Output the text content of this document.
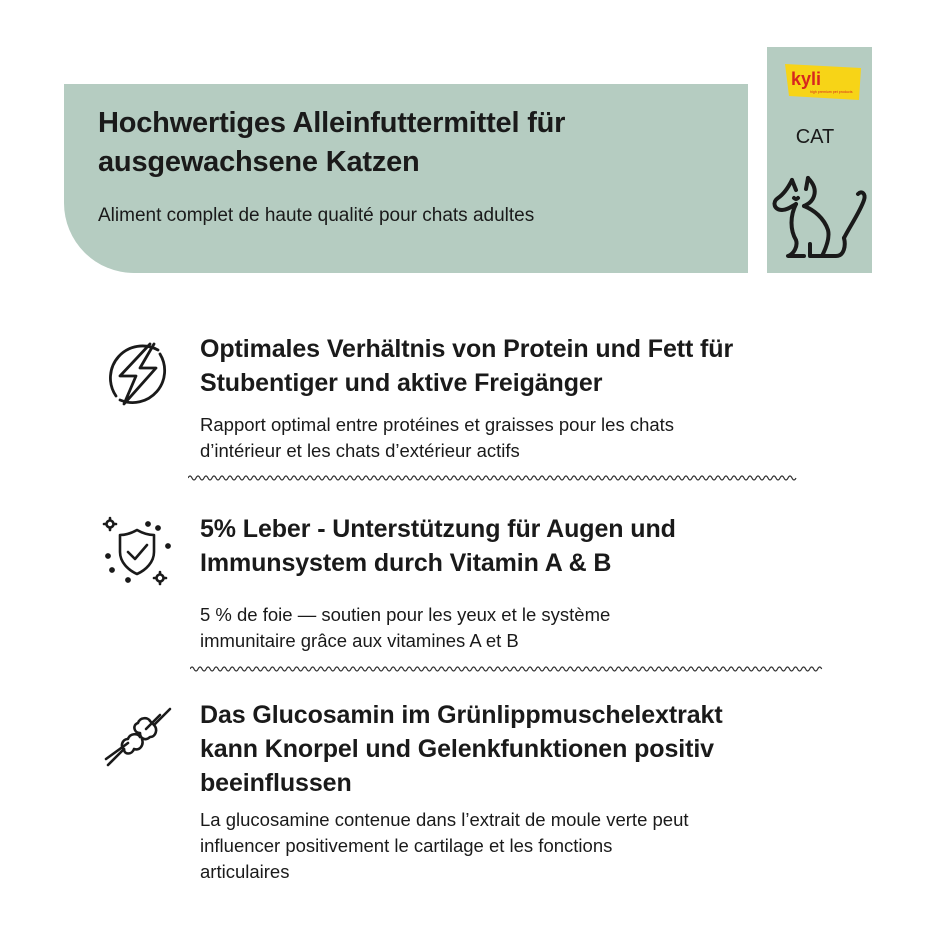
Hochwertiges Alleinfuttermittel für
ausgewachsene Katzen
Aliment complet de haute qualité pour chats adultes
kyli
high premium pet products
CAT
Optimales Verhältnis von Protein und Fett für
Stubentiger und aktive Freigänger
Rapport optimal entre protéines et graisses pour les chats
d’intérieur et les chats d’extérieur actifs
5% Leber - Unterstützung für Augen und
Immunsystem durch Vitamin A & B
5 % de foie — soutien pour les yeux et le système
immunitaire grâce aux vitamines A et B
Das Glucosamin im Grünlippmuschelextrakt
kann Knorpel und Gelenkfunktionen positiv
beeinflussen
La glucosamine contenue dans l’extrait de moule verte peut
influencer positivement le cartilage et les fonctions
articulaires
